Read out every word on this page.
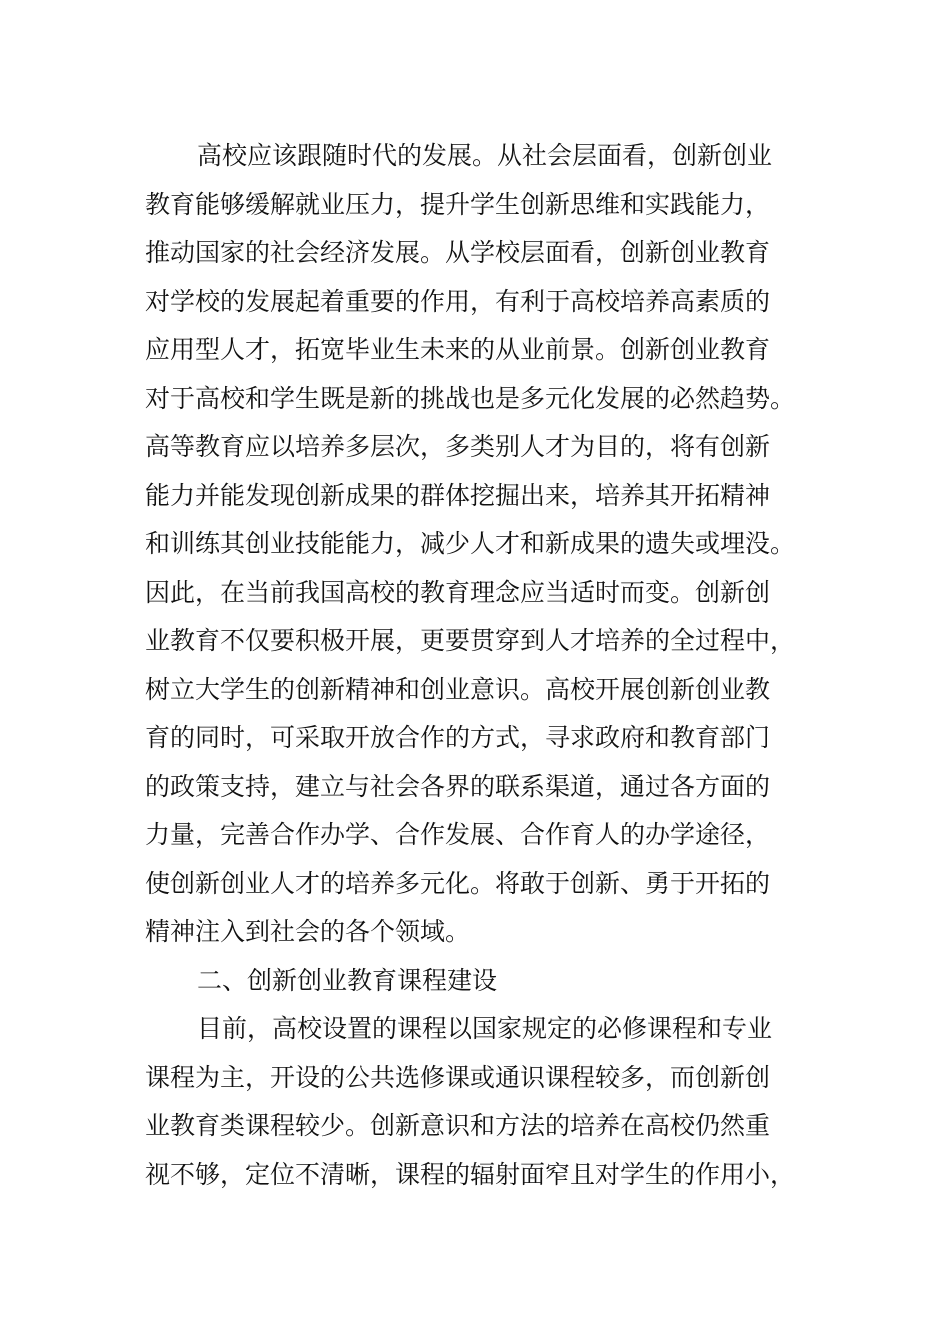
高校应该跟随时代的发展。从社会层面看，创新创业
教育能够缓解就业压力，提升学生创新思维和实践能力，
推动国家的社会经济发展。从学校层面看，创新创业教育
对学校的发展起着重要的作用，有利于高校培养高素质的
应用型人才，拓宽毕业生未来的从业前景。创新创业教育
对于高校和学生既是新的挑战也是多元化发展的必然趋势。
高等教育应以培养多层次，多类别人才为目的，将有创新
能力并能发现创新成果的群体挖掘出来，培养其开拓精神
和训练其创业技能能力，减少人才和新成果的遗失或埋没。
因此，在当前我国高校的教育理念应当适时而变。创新创
业教育不仅要积极开展，更要贯穿到人才培养的全过程中，
树立大学生的创新精神和创业意识。高校开展创新创业教
育的同时，可采取开放合作的方式，寻求政府和教育部门
的政策支持，建立与社会各界的联系渠道，通过各方面的
力量，完善合作办学、合作发展、合作育人的办学途径，
使创新创业人才的培养多元化。将敢于创新、勇于开拓的
精神注入到社会的各个领域。
二、创新创业教育课程建设
目前，高校设置的课程以国家规定的必修课程和专业
课程为主，开设的公共选修课或通识课程较多，而创新创
业教育类课程较少。创新意识和方法的培养在高校仍然重
视不够，定位不清晰，课程的辐射面窄且对学生的作用小，
